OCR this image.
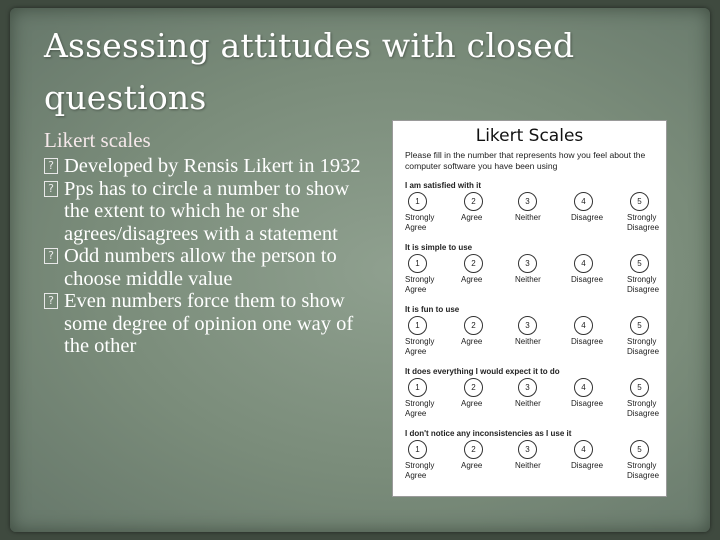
Assessing attitudes with closed questions
Likert scales
? Developed by Rensis Likert in 1932
? Pps has to circle a number to show the extent to which he or she agrees/disagrees with a statement
? Odd numbers allow the person to choose middle value
? Even numbers force them to show some degree of opinion one way of the other
Likert Scales
Please fill in the number that represents how you feel about the computer software you have been using
I am satisfied with it
1
Strongly Agree
2
Agree
3
Neither
4
Disagree
5
Strongly Disagree
It is simple to use
1
Strongly Agree
2
Agree
3
Neither
4
Disagree
5
Strongly Disagree
It is fun to use
1
Strongly Agree
2
Agree
3
Neither
4
Disagree
5
Strongly Disagree
It does everything I would expect it to do
1
Strongly Agree
2
Agree
3
Neither
4
Disagree
5
Strongly Disagree
I don't notice any inconsistencies as I use it
1
Strongly Agree
2
Agree
3
Neither
4
Disagree
5
Strongly Disagree
